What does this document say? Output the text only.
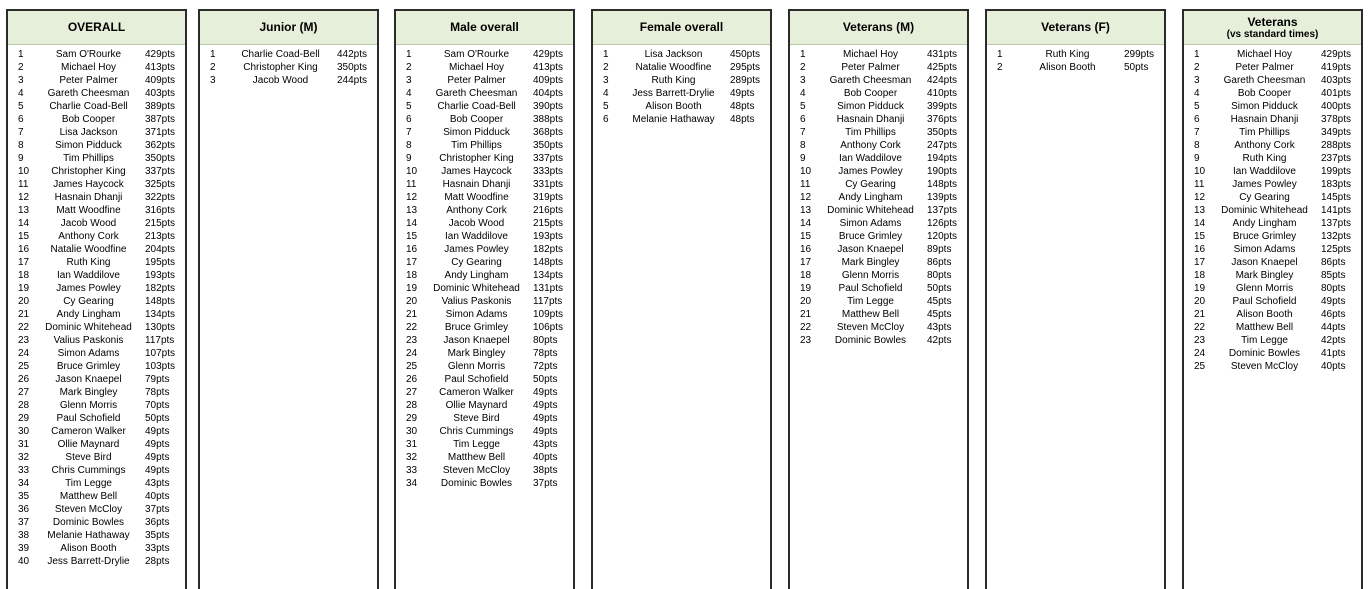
OVERALL
1	Sam O'Rourke	429pts
2	Michael Hoy	413pts
3	Peter Palmer	409pts
4	Gareth Cheesman	403pts
5	Charlie Coad-Bell	389pts
6	Bob Cooper	387pts
7	Lisa Jackson	371pts
8	Simon Pidduck	362pts
9	Tim Phillips	350pts
10	Christopher King	337pts
11	James Haycock	325pts
12	Hasnain Dhanji	322pts
13	Matt Woodfine	316pts
14	Jacob Wood	215pts
15	Anthony Cork	213pts
16	Natalie Woodfine	204pts
17	Ruth King	195pts
18	Ian Waddilove	193pts
19	James Powley	182pts
20	Cy Gearing	148pts
21	Andy Lingham	134pts
22	Dominic Whitehead	130pts
23	Valius Paskonis	117pts
24	Simon Adams	107pts
25	Bruce Grimley	103pts
26	Jason Knaepel	79pts
27	Mark Bingley	78pts
28	Glenn Morris	70pts
29	Paul Schofield	50pts
30	Cameron Walker	49pts
31	Ollie Maynard	49pts
32	Steve Bird	49pts
33	Chris Cummings	49pts
34	Tim Legge	43pts
35	Matthew Bell	40pts
36	Steven McCloy	37pts
37	Dominic Bowles	36pts
38	Melanie Hathaway	35pts
39	Alison Booth	33pts
40	Jess Barrett-Drylie	28pts
Junior (M)
1	Charlie Coad-Bell	442pts
2	Christopher King	350pts
3	Jacob Wood	244pts
Male overall
1	Sam O'Rourke	429pts
2	Michael Hoy	413pts
3	Peter Palmer	409pts
4	Gareth Cheesman	404pts
5	Charlie Coad-Bell	390pts
6	Bob Cooper	388pts
7	Simon Pidduck	368pts
8	Tim Phillips	350pts
9	Christopher King	337pts
10	James Haycock	333pts
11	Hasnain Dhanji	331pts
12	Matt Woodfine	319pts
13	Anthony Cork	216pts
14	Jacob Wood	215pts
15	Ian Waddilove	193pts
16	James Powley	182pts
17	Cy Gearing	148pts
18	Andy Lingham	134pts
19	Dominic Whitehead	131pts
20	Valius Paskonis	117pts
21	Simon Adams	109pts
22	Bruce Grimley	106pts
23	Jason Knaepel	80pts
24	Mark Bingley	78pts
25	Glenn Morris	72pts
26	Paul Schofield	50pts
27	Cameron Walker	49pts
28	Ollie Maynard	49pts
29	Steve Bird	49pts
30	Chris Cummings	49pts
31	Tim Legge	43pts
32	Matthew Bell	40pts
33	Steven McCloy	38pts
34	Dominic Bowles	37pts
Female overall
1	Lisa Jackson	450pts
2	Natalie Woodfine	295pts
3	Ruth King	289pts
4	Jess Barrett-Drylie	49pts
5	Alison Booth	48pts
6	Melanie Hathaway	48pts
Veterans (M)
1	Michael Hoy	431pts
2	Peter Palmer	425pts
3	Gareth Cheesman	424pts
4	Bob Cooper	410pts
5	Simon Pidduck	399pts
6	Hasnain Dhanji	376pts
7	Tim Phillips	350pts
8	Anthony Cork	247pts
9	Ian Waddilove	194pts
10	James Powley	190pts
11	Cy Gearing	148pts
12	Andy Lingham	139pts
13	Dominic Whitehead	137pts
14	Simon Adams	126pts
15	Bruce Grimley	120pts
16	Jason Knaepel	89pts
17	Mark Bingley	86pts
18	Glenn Morris	80pts
19	Paul Schofield	50pts
20	Tim Legge	45pts
21	Matthew Bell	45pts
22	Steven McCloy	43pts
23	Dominic Bowles	42pts
Veterans (F)
1	Ruth King	299pts
2	Alison Booth	50pts
Veterans
(vs standard times)
1	Michael Hoy	429pts
2	Peter Palmer	419pts
3	Gareth Cheesman	403pts
4	Bob Cooper	401pts
5	Simon Pidduck	400pts
6	Hasnain Dhanji	378pts
7	Tim Phillips	349pts
8	Anthony Cork	288pts
9	Ruth King	237pts
10	Ian Waddilove	199pts
11	James Powley	183pts
12	Cy Gearing	145pts
13	Dominic Whitehead	141pts
14	Andy Lingham	137pts
15	Bruce Grimley	132pts
16	Simon Adams	125pts
17	Jason Knaepel	86pts
18	Mark Bingley	85pts
19	Glenn Morris	80pts
20	Paul Schofield	49pts
21	Alison Booth	46pts
22	Matthew Bell	44pts
23	Tim Legge	42pts
24	Dominic Bowles	41pts
25	Steven McCloy	40pts
